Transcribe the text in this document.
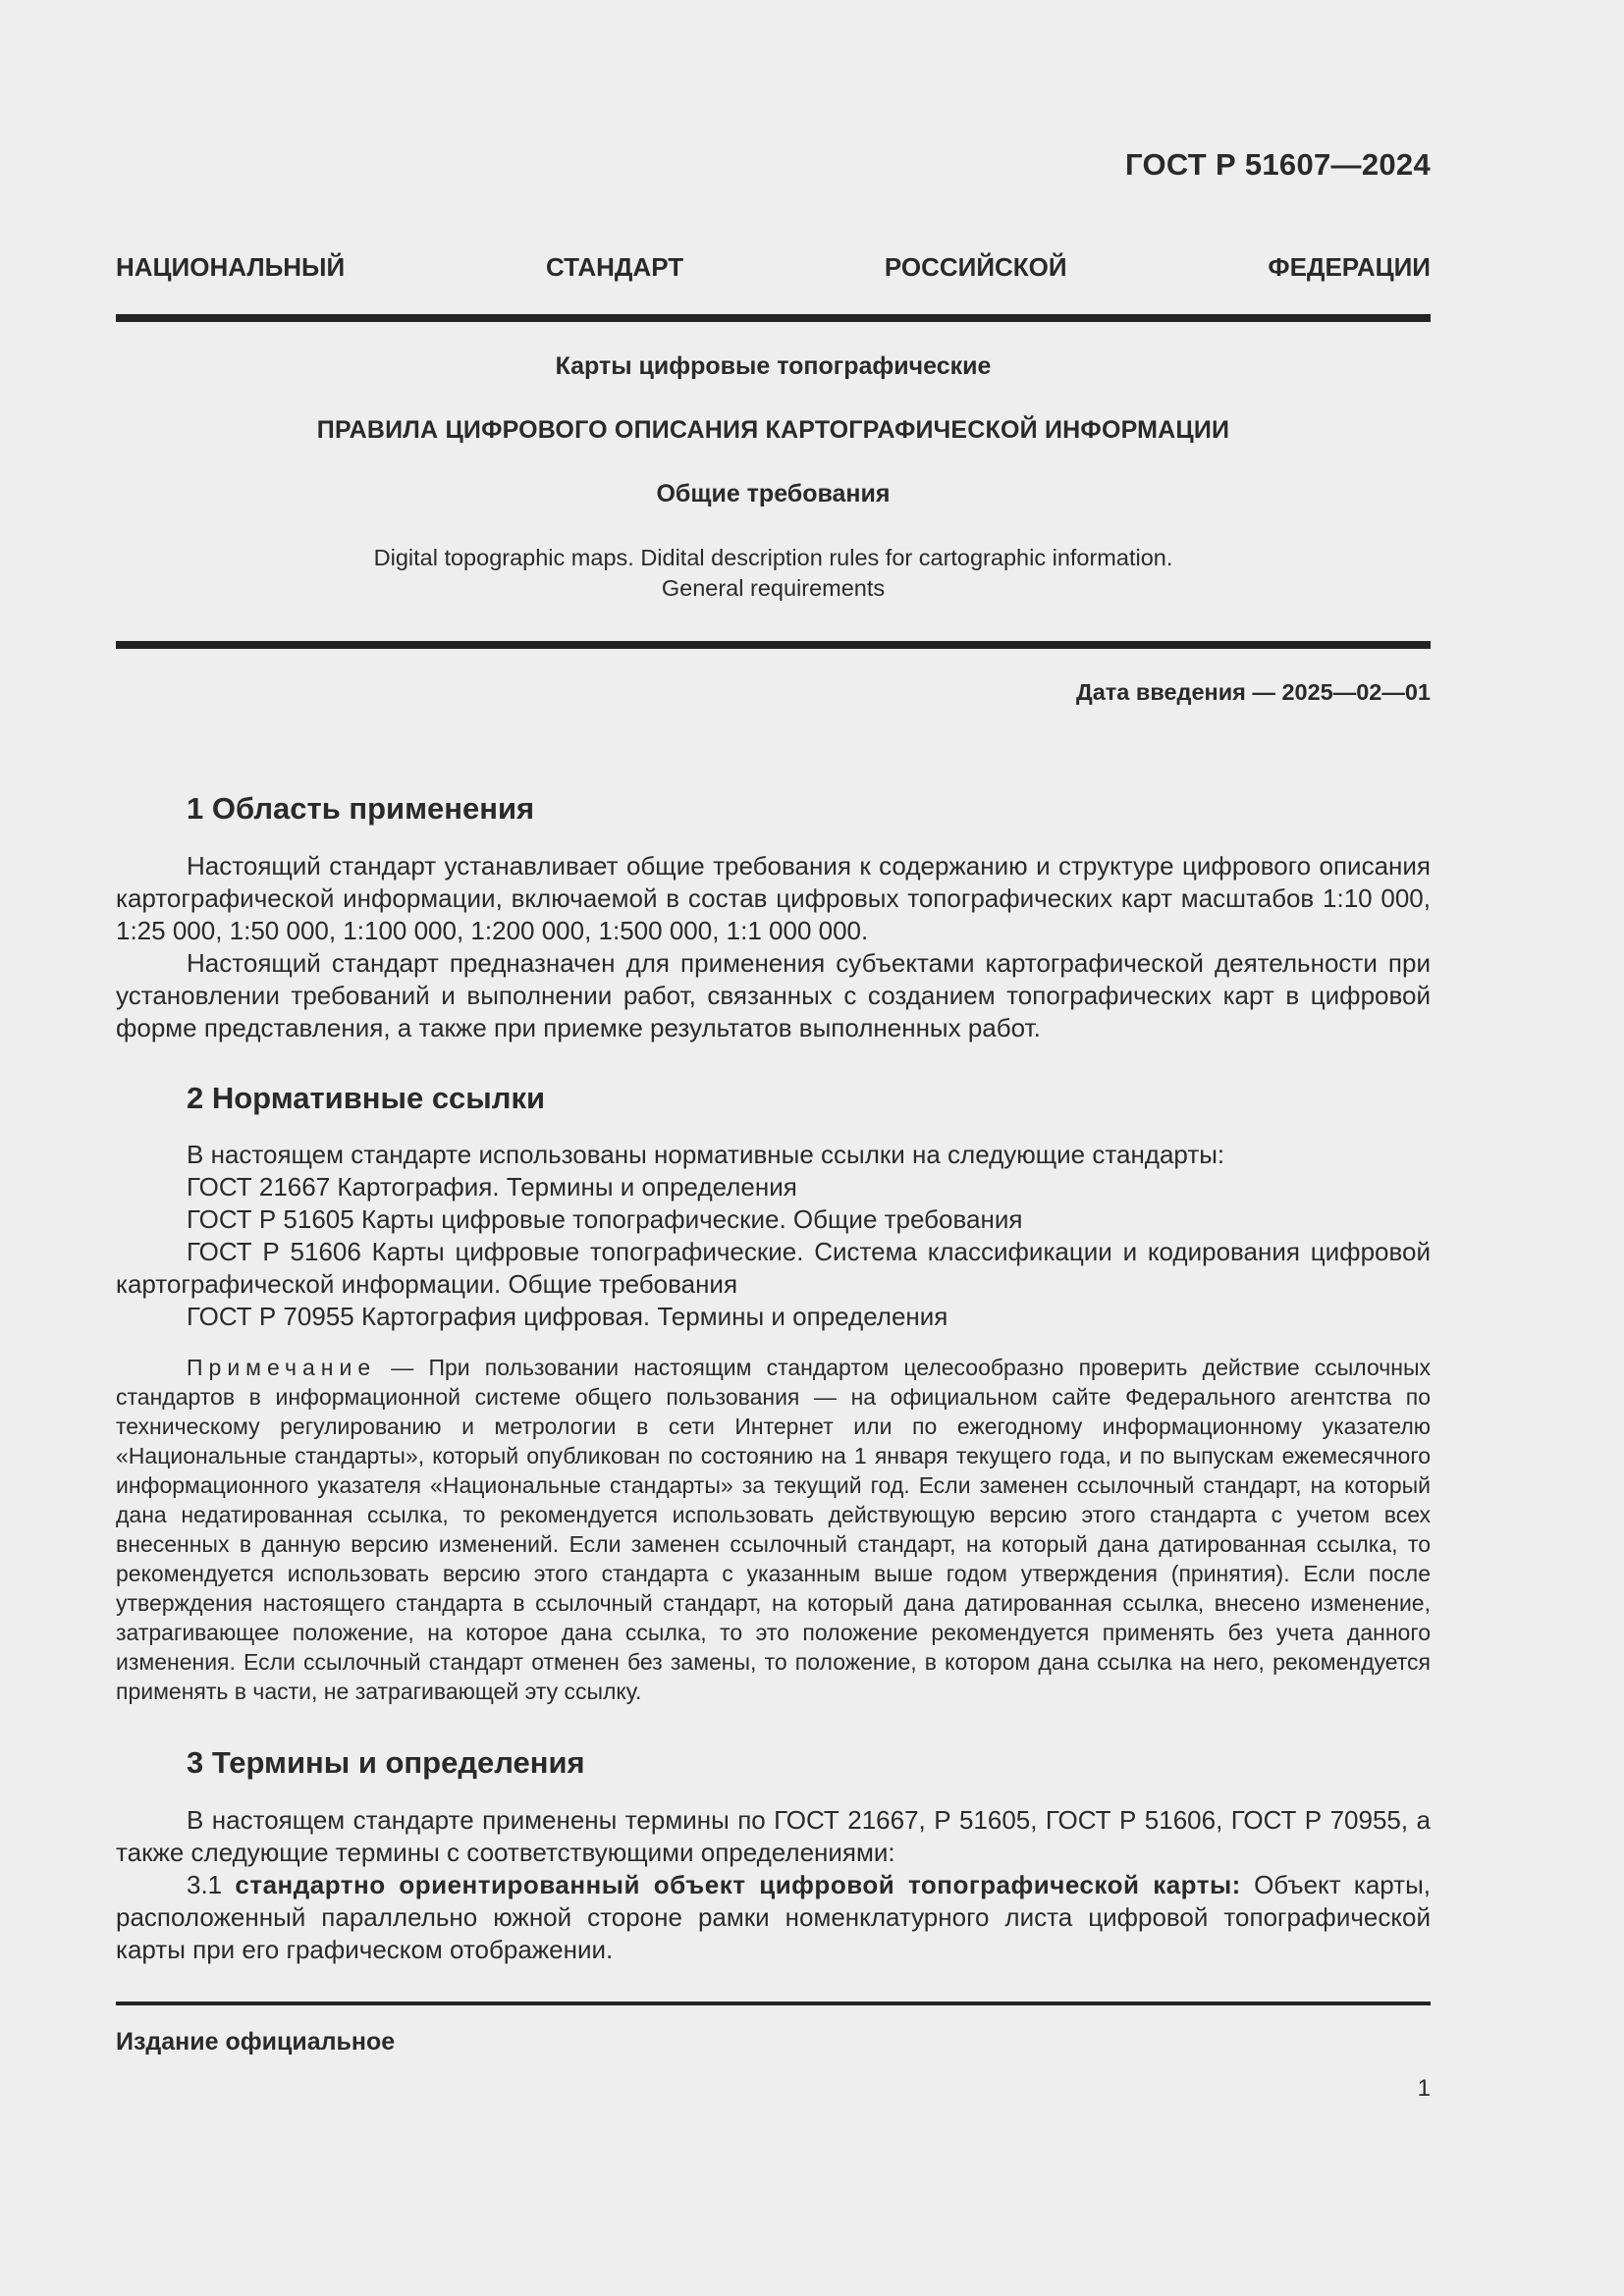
ГОСТ Р 51607—2024
НАЦИОНАЛЬНЫЙ СТАНДАРТ РОССИЙСКОЙ ФЕДЕРАЦИИ
Карты цифровые топографические
ПРАВИЛА ЦИФРОВОГО ОПИСАНИЯ КАРТОГРАФИЧЕСКОЙ ИНФОРМАЦИИ
Общие требования
Digital topographic maps. Didital description rules for cartographic information.
General requirements
Дата введения — 2025—02—01
1 Область применения

Настоящий стандарт устанавливает общие требования к содержанию и структуре цифрового описания картографической информации, включаемой в состав цифровых топографических карт масштабов 1:10 000, 1:25 000, 1:50 000, 1:100 000, 1:200 000, 1:500 000, 1:1 000 000.

Настоящий стандарт предназначен для применения субъектами картографической деятельности при установлении требований и выполнении работ, связанных с созданием топографических карт в цифровой форме представления, а также при приемке результатов выполненных работ.

2 Нормативные ссылки

В настоящем стандарте использованы нормативные ссылки на следующие стандарты:

ГОСТ 21667 Картография. Термины и определения

ГОСТ Р 51605 Карты цифровые топографические. Общие требования

ГОСТ Р 51606 Карты цифровые топографические. Система классификации и кодирования цифровой картографической информации. Общие требования

ГОСТ Р 70955 Картография цифровая. Термины и определения

Примечание — При пользовании настоящим стандартом целесообразно проверить действие ссылочных стандартов в информационной системе общего пользования — на официальном сайте Федерального агентства по техническому регулированию и метрологии в сети Интернет или по ежегодному информационному указателю «Национальные стандарты», который опубликован по состоянию на 1 января текущего года, и по выпускам ежемесячного информационного указателя «Национальные стандарты» за текущий год. Если заменен ссылочный стандарт, на который дана недатированная ссылка, то рекомендуется использовать действующую версию этого стандарта с учетом всех внесенных в данную версию изменений. Если заменен ссылочный стандарт, на который дана датированная ссылка, то рекомендуется использовать версию этого стандарта с указанным выше годом утверждения (принятия). Если после утверждения настоящего стандарта в ссылочный стандарт, на который дана датированная ссылка, внесено изменение, затрагивающее положение, на которое дана ссылка, то это положение рекомендуется применять без учета данного изменения. Если ссылочный стандарт отменен без замены, то положение, в котором дана ссылка на него, рекомендуется применять в части, не затрагивающей эту ссылку.

3 Термины и определения

В настоящем стандарте применены термины по ГОСТ 21667, Р 51605, ГОСТ Р 51606, ГОСТ Р 70955, а также следующие термины с соответствующими определениями:

3.1 стандартно ориентированный объект цифровой топографической карты: Объект карты, расположенный параллельно южной стороне рамки номенклатурного листа цифровой топографической карты при его графическом отображении.

Издание официальное
1
